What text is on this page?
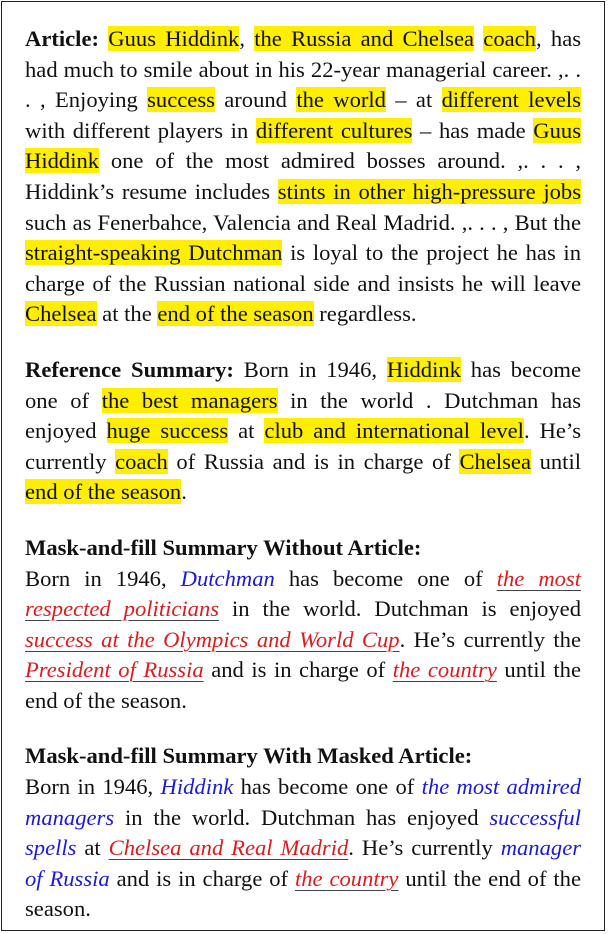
Article: Guus Hiddink, the Russia and Chelsea coach, has had much to smile about in his 22-year managerial career. ,. . . , Enjoying success around the world – at different levels with different players in different cultures – has made Guus Hiddink one of the most admired bosses around. ,. . . , Hiddink’s resume includes stints in other high-pressure jobs such as Fenerbahce, Valencia and Real Madrid. ,. . . , But the straight-speaking Dutchman is loyal to the project he has in charge of the Russian national side and insists he will leave Chelsea at the end of the season regardless.

Reference Summary: Born in 1946, Hiddink has become one of the best managers in the world . Dutchman has enjoyed huge success at club and international level. He’s currently coach of Russia and is in charge of Chelsea until end of the season.

Mask-and-fill Summary Without Article:
Born in 1946, Dutchman has become one of the most respected politicians in the world. Dutchman is enjoyed success at the Olympics and World Cup. He’s currently the President of Russia and is in charge of the country until the end of the season.

Mask-and-fill Summary With Masked Article:
Born in 1946, Hiddink has become one of the most admired managers in the world. Dutchman has enjoyed successful spells at Chelsea and Real Madrid. He’s currently manager of Russia and is in charge of the country until the end of the season.
